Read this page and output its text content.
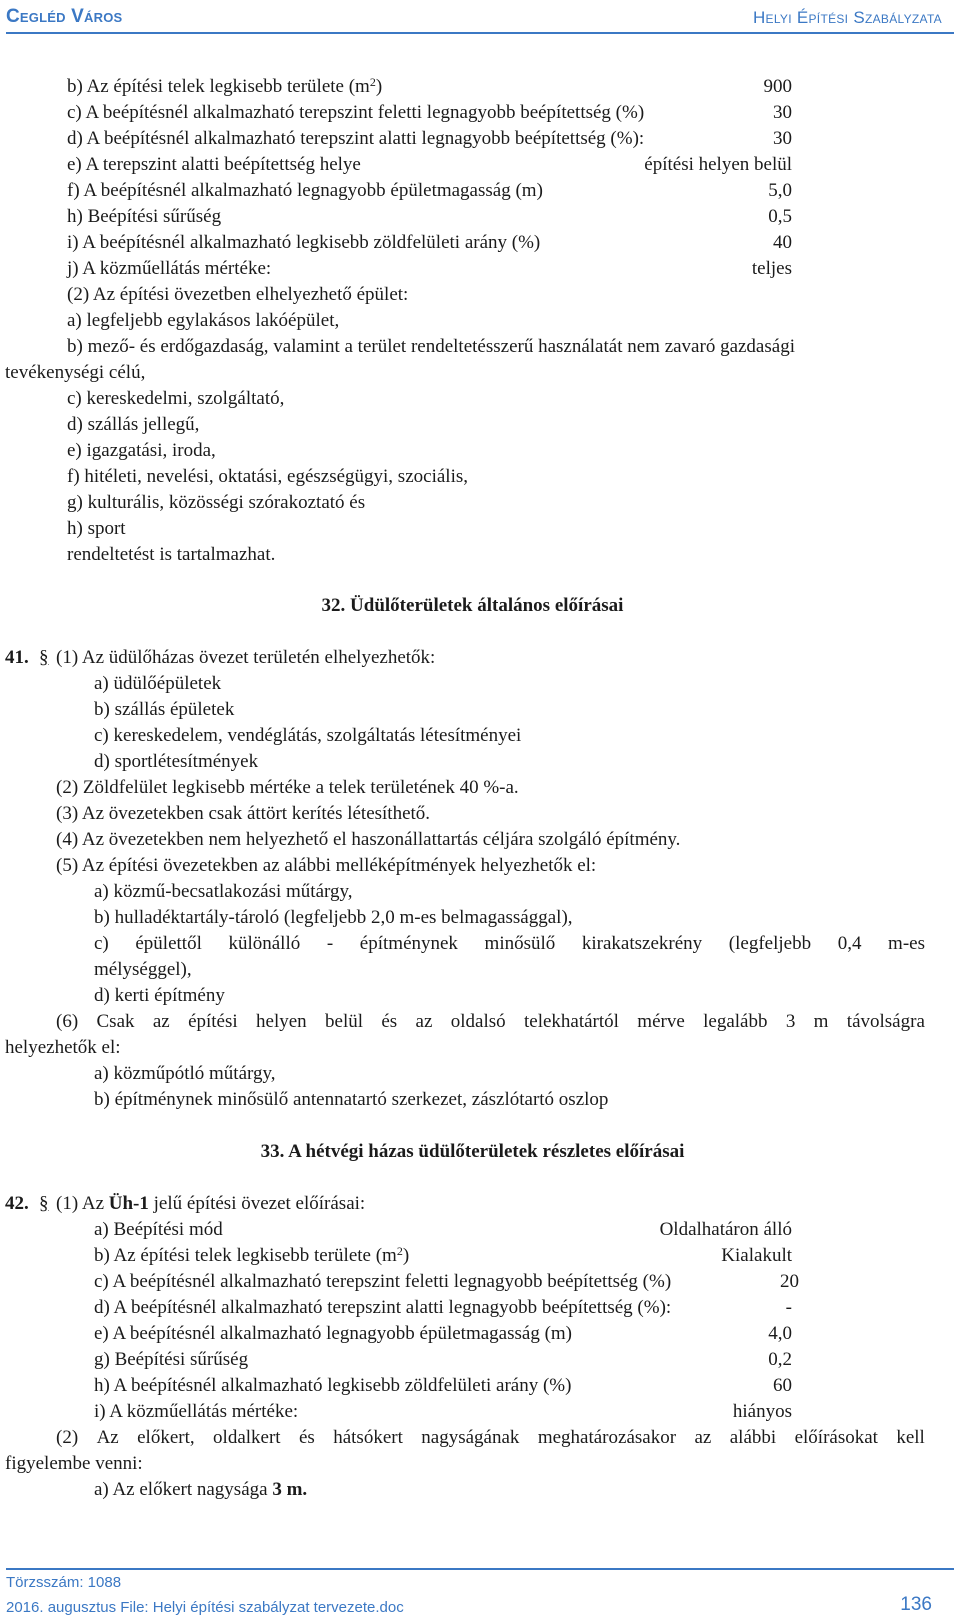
Cegléd Város	Helyi Építési Szabályzata
b) Az építési telek legkisebb területe $(m^2)$	900
c) A beépítésnél alkalmazható terepszint feletti legnagyobb beépítettség (%)	30
d) A beépítésnél alkalmazható terepszint alatti legnagyobb beépítettség (%):	30
e) A terepszint alatti beépítettség helye	építési helyen belül
f) A beépítésnél alkalmazható legnagyobb épületmagasság (m)	5,0
h) Beépítési sűrűség	0,5
i) A beépítésnél alkalmazható legkisebb zöldfelületi arány (%)	40
j) A közműellátás mértéke:	teljes
(2) Az építési övezetben elhelyezhető épület:
a) legfeljebb egylakásos lakóépület,
b) mező- és erdőgazdaság, valamint a terület rendeltetésszerű használatát nem zavaró gazdasági
tevékenységi célú,
c) kereskedelmi, szolgáltató,
d) szállás jellegű,
e) igazgatási, iroda,
f) hitéleti, nevelési, oktatási, egészségügyi, szociális,
g) kulturális, közösségi szórakoztató és
h) sport
rendeltetést is tartalmazhat.
32. Üdülőterületek általános előírásai
41. § (1) Az üdülőházas övezet területén elhelyezhetők:
a) üdülőépületek
b) szállás épületek
c) kereskedelem, vendéglátás, szolgáltatás létesítményei
d) sportlétesítmények
(2) Zöldfelület legkisebb mértéke a telek területének 40 %-a.
(3) Az övezetekben csak áttört kerítés létesíthető.
(4) Az övezetekben nem helyezhető el haszonállattartás céljára szolgáló építmény.
(5) Az építési övezetekben az alábbi melléképítmények helyezhetők el:
a) közmű-becsatlakozási műtárgy,
b) hulladéktartály-tároló (legfeljebb 2,0 m-es belmagassággal),
c) épülettől különálló - építménynek minősülő kirakatszekrény (legfeljebb 0,4 m-es
mélységgel),
d) kerti építmény
(6) Csak az építési helyen belül és az oldalsó telekhatártól mérve legalább 3 m távolságra
helyezhetők el:
a) közműpótló műtárgy,
b) építménynek minősülő antennatartó szerkezet, zászlótartó oszlop
33. A hétvégi házas üdülőterületek részletes előírásai
42. § (1) Az Üh-1 jelű építési övezet előírásai:
a) Beépítési mód	Oldalhatáron álló
b) Az építési telek legkisebb területe $(m^2)$	Kialakult
c) A beépítésnél alkalmazható terepszint feletti legnagyobb beépítettség (%)	20
d) A beépítésnél alkalmazható terepszint alatti legnagyobb beépítettség (%):	-
e) A beépítésnél alkalmazható legnagyobb épületmagasság (m)	4,0
g) Beépítési sűrűség	0,2
h) A beépítésnél alkalmazható legkisebb zöldfelületi arány (%)	60
i) A közműellátás mértéke:	hiányos
(2) Az előkert, oldalkert és hátsókert nagyságának meghatározásakor az alábbi előírásokat kell
figyelembe venni:
a) Az előkert nagysága 3 m.
Törzsszám: 1088
2016. augusztus File: Helyi építési szabályzat tervezete.doc	136
